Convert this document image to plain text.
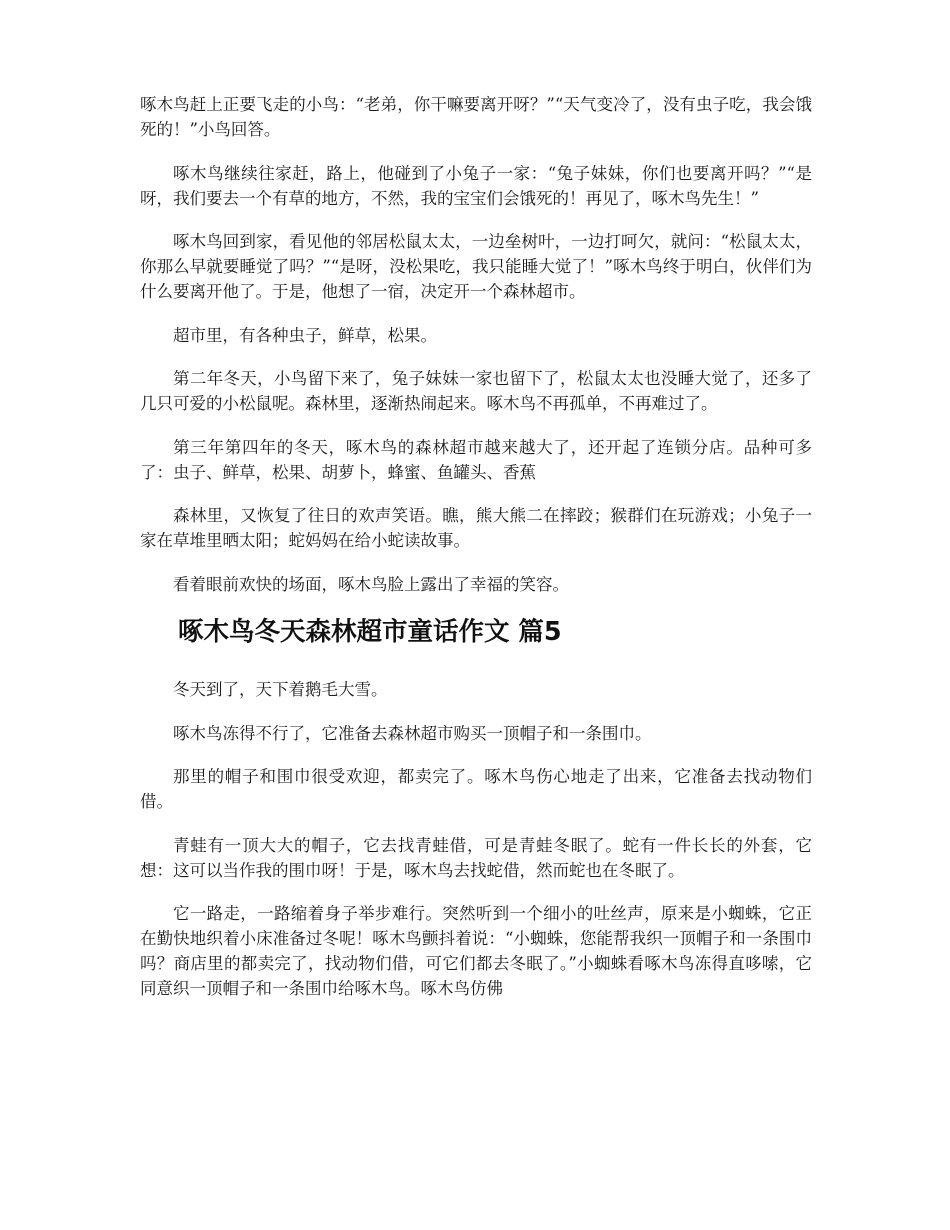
啄木鸟赶上正要飞走的小鸟：“老弟，你干嘛要离开呀？”“天气变冷了，没有虫子吃，我会饿死的！”小鸟回答。

啄木鸟继续往家赶，路上，他碰到了小兔子一家：“兔子妹妹，你们也要离开吗？”“是呀，我们要去一个有草的地方，不然，我的宝宝们会饿死的！再见了，啄木鸟先生！”

啄木鸟回到家，看见他的邻居松鼠太太，一边垒树叶，一边打呵欠，就问：“松鼠太太，你那么早就要睡觉了吗？”“是呀，没松果吃，我只能睡大觉了！”啄木鸟终于明白，伙伴们为什么要离开他了。于是，他想了一宿，决定开一个森林超市。

超市里，有各种虫子，鲜草，松果。

第二年冬天，小鸟留下来了，兔子妹妹一家也留下了，松鼠太太也没睡大觉了，还多了几只可爱的小松鼠呢。森林里，逐渐热闹起来。啄木鸟不再孤单，不再难过了。

第三年第四年的冬天，啄木鸟的森林超市越来越大了，还开起了连锁分店。品种可多了：虫子、鲜草，松果、胡萝卜，蜂蜜、鱼罐头、香蕉

森林里，又恢复了往日的欢声笑语。瞧，熊大熊二在摔跤；猴群们在玩游戏；小兔子一家在草堆里晒太阳；蛇妈妈在给小蛇读故事。

看着眼前欢快的场面，啄木鸟脸上露出了幸福的笑容。

啄木鸟冬天森林超市童话作文 篇5

冬天到了，天下着鹅毛大雪。

啄木鸟冻得不行了，它准备去森林超市购买一顶帽子和一条围巾。

那里的帽子和围巾很受欢迎，都卖完了。啄木鸟伤心地走了出来，它准备去找动物们借。

青蛙有一顶大大的帽子，它去找青蛙借，可是青蛙冬眠了。蛇有一件长长的外套，它想：这可以当作我的围巾呀！于是，啄木鸟去找蛇借，然而蛇也在冬眠了。

它一路走，一路缩着身子举步难行。突然听到一个细小的吐丝声，原来是小蜘蛛，它正在勤快地织着小床准备过冬呢！啄木鸟颤抖着说：“小蜘蛛，您能帮我织一顶帽子和一条围巾吗？商店里的都卖完了，找动物们借，可它们都去冬眠了。”小蜘蛛看啄木鸟冻得直哆嗦，它同意织一顶帽子和一条围巾给啄木鸟。啄木鸟仿佛
